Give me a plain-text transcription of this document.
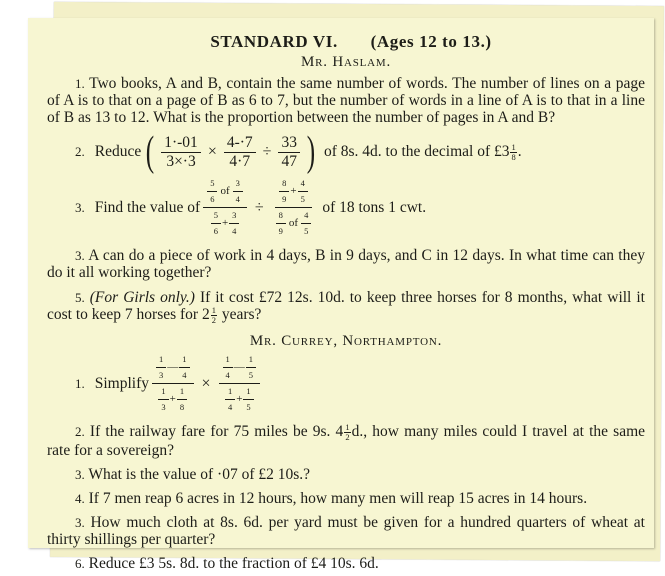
STANDARD VI. (Ages 12 to 13.)
Mr. Haslam.
1. Two books, A and B, contain the same number of words. The number of lines on a page of A is to that on a page of B as 6 to 7, but the number of words in a line of A is to that in a line of B as 13 to 12. What is the proportion between the number of pages in A and B?
2. Reduce ( $\frac{1\cdot-01}{3\times\cdot 3} \times \frac{4-\cdot 7}{4\cdot 7} \div \frac{33}{47}$ ) of 8s. 4d. to the decimal of £3 $\frac{1}{8}$ .
3. Find the value of $\frac{\frac{5}{6} of \frac{3}{4}}{\frac{5}{6} + \frac{3}{4}} \div \frac{\frac{8}{9} + \frac{4}{5}}{\frac{8}{9} of \frac{4}{5}}$ of 18 tons 1 cwt.
3. A can do a piece of work in 4 days, B in 9 days, and C in 12 days. In what time can they do it all working together?
5. (For Girls only.) If it cost £72 12s. 10d. to keep three horses for 8 months, what will it cost to keep 7 horses for $2 \frac{1}{2}$ years?
Mr. Currey, Northampton.
1. Simplify $\frac{\frac{1}{3} — \frac{1}{4}}{\frac{1}{3} + \frac{1}{8}} \times \frac{\frac{1}{4} — \frac{1}{5}}{\frac{1}{4} + \frac{1}{5}}$
2. If the railway fare for 75 miles be 9s. $4 \frac{1}{2} d$., how many miles could I travel at the same rate for a sovereign?
3. What is the value of ·07 of £2 10s.?
4. If 7 men reap 6 acres in 12 hours, how many men will reap 15 acres in 14 hours.
3. How much cloth at 8s. 6d. per yard must be given for a hundred quarters of wheat at thirty shillings per quarter?
6. Reduce £3 5s. 8d. to the fraction of £4 10s. 6d.
